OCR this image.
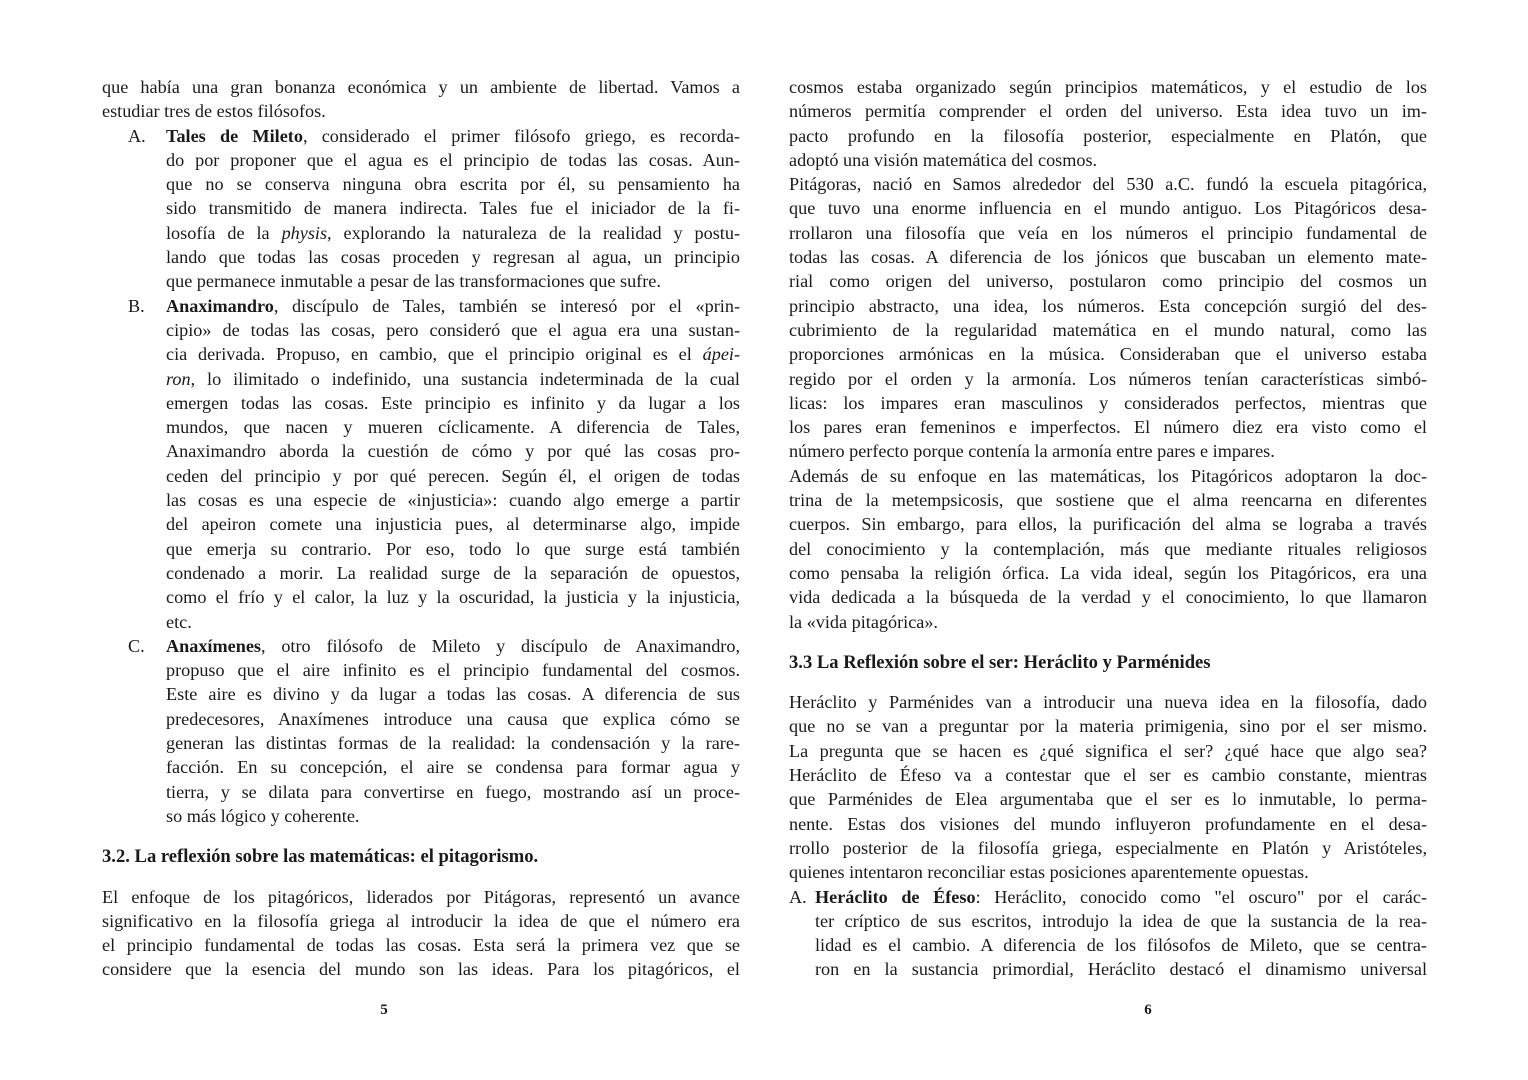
que había una gran bonanza económica y un ambiente de libertad. Vamos a
estudiar tres de estos filósofos.
A. Tales de Mileto, considerado el primer filósofo griego, es recorda-
do por proponer que el agua es el principio de todas las cosas. Aun-
que no se conserva ninguna obra escrita por él, su pensamiento ha
sido transmitido de manera indirecta. Tales fue el iniciador de la fi-
losofía de la physis, explorando la naturaleza de la realidad y postu-
lando que todas las cosas proceden y regresan al agua, un principio
que permanece inmutable a pesar de las transformaciones que sufre.
B. Anaximandro, discípulo de Tales, también se interesó por el «prin-
cipio» de todas las cosas, pero consideró que el agua era una sustan-
cia derivada. Propuso, en cambio, que el principio original es el ápei-
ron, lo ilimitado o indefinido, una sustancia indeterminada de la cual
emergen todas las cosas. Este principio es infinito y da lugar a los
mundos, que nacen y mueren cíclicamente. A diferencia de Tales,
Anaximandro aborda la cuestión de cómo y por qué las cosas pro-
ceden del principio y por qué perecen. Según él, el origen de todas
las cosas es una especie de «injusticia»: cuando algo emerge a partir
del apeiron comete una injusticia pues, al determinarse algo, impide
que emerja su contrario. Por eso, todo lo que surge está también
condenado a morir. La realidad surge de la separación de opuestos,
como el frío y el calor, la luz y la oscuridad, la justicia y la injusticia,
etc.
C. Anaxímenes, otro filósofo de Mileto y discípulo de Anaximandro,
propuso que el aire infinito es el principio fundamental del cosmos.
Este aire es divino y da lugar a todas las cosas. A diferencia de sus
predecesores, Anaxímenes introduce una causa que explica cómo se
generan las distintas formas de la realidad: la condensación y la rare-
facción. En su concepción, el aire se condensa para formar agua y
tierra, y se dilata para convertirse en fuego, mostrando así un proce-
so más lógico y coherente.
3.2. La reflexión sobre las matemáticas: el pitagorismo.
El enfoque de los pitagóricos, liderados por Pitágoras, representó un avance
significativo en la filosofía griega al introducir la idea de que el número era
el principio fundamental de todas las cosas. Esta será la primera vez que se
considere que la esencia del mundo son las ideas. Para los pitagóricos, el
cosmos estaba organizado según principios matemáticos, y el estudio de los
números permitía comprender el orden del universo. Esta idea tuvo un im-
pacto profundo en la filosofía posterior, especialmente en Platón, que
adoptó una visión matemática del cosmos.
Pitágoras, nació en Samos alrededor del 530 a.C. fundó la escuela pitagórica,
que tuvo una enorme influencia en el mundo antiguo. Los Pitagóricos desa-
rrollaron una filosofía que veía en los números el principio fundamental de
todas las cosas. A diferencia de los jónicos que buscaban un elemento mate-
rial como origen del universo, postularon como principio del cosmos un
principio abstracto, una idea, los números. Esta concepción surgió del des-
cubrimiento de la regularidad matemática en el mundo natural, como las
proporciones armónicas en la música. Consideraban que el universo estaba
regido por el orden y la armonía. Los números tenían características simbó-
licas: los impares eran masculinos y considerados perfectos, mientras que
los pares eran femeninos e imperfectos. El número diez era visto como el
número perfecto porque contenía la armonía entre pares e impares.
Además de su enfoque en las matemáticas, los Pitagóricos adoptaron la doc-
trina de la metempsicosis, que sostiene que el alma reencarna en diferentes
cuerpos. Sin embargo, para ellos, la purificación del alma se lograba a través
del conocimiento y la contemplación, más que mediante rituales religiosos
como pensaba la religión órfica. La vida ideal, según los Pitagóricos, era una
vida dedicada a la búsqueda de la verdad y el conocimiento, lo que llamaron
la «vida pitagórica».
3.3 La Reflexión sobre el ser: Heráclito y Parménides
Heráclito y Parménides van a introducir una nueva idea en la filosofía, dado
que no se van a preguntar por la materia primigenia, sino por el ser mismo.
La pregunta que se hacen es ¿qué significa el ser? ¿qué hace que algo sea?
Heráclito de Éfeso va a contestar que el ser es cambio constante, mientras
que Parménides de Elea argumentaba que el ser es lo inmutable, lo perma-
nente. Estas dos visiones del mundo influyeron profundamente en el desa-
rrollo posterior de la filosofía griega, especialmente en Platón y Aristóteles,
quienes intentaron reconciliar estas posiciones aparentemente opuestas.
A. Heráclito de Éfeso: Heráclito, conocido como "el oscuro" por el carác-
ter críptico de sus escritos, introdujo la idea de que la sustancia de la rea-
lidad es el cambio. A diferencia de los filósofos de Mileto, que se centra-
ron en la sustancia primordial, Heráclito destacó el dinamismo universal
5	6
